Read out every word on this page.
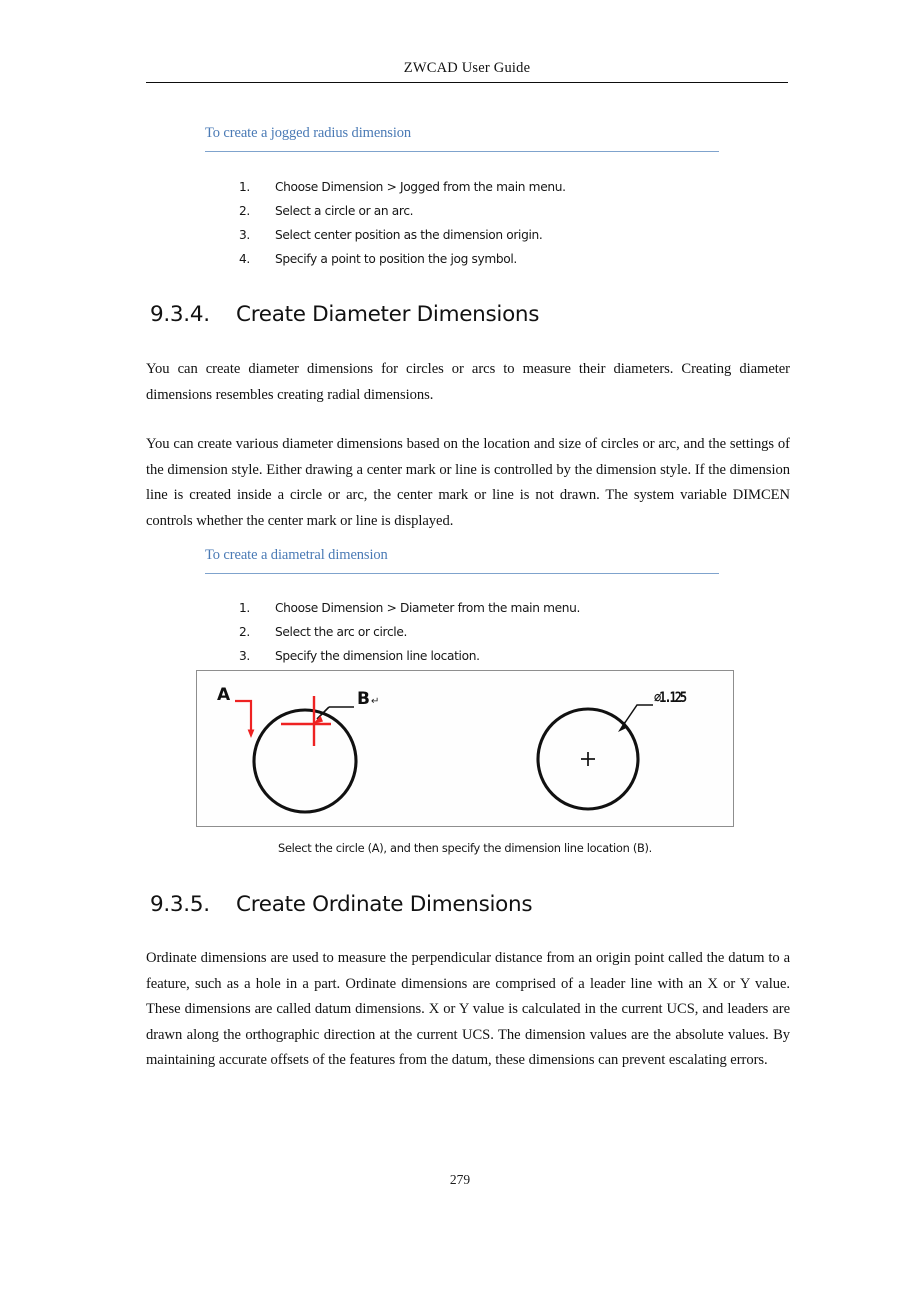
ZWCAD User Guide
To create a jogged radius dimension
1.	Choose Dimension > Jogged from the main menu.
2.	Select a circle or an arc.
3.	Select center position as the dimension origin.
4.	Specify a point to position the jog symbol.
9.3.4.	Create Diameter Dimensions

You can create diameter dimensions for circles or arcs to measure their diameters. Creating diameter dimensions resembles creating radial dimensions.

You can create various diameter dimensions based on the location and size of circles or arc, and the settings of the dimension style. Either drawing a center mark or line is controlled by the dimension style. If the dimension line is created inside a circle or arc, the center mark or line is not drawn. The system variable DIMCEN controls whether the center mark or line is displayed.

To create a diametral dimension
1.	Choose Dimension > Diameter from the main menu.
2.	Select the arc or circle.
3.	Specify the dimension line location.
A	B ↵	⌀1.125
Select the circle (A), and then specify the dimension line location (B).
9.3.5.	Create Ordinate Dimensions

Ordinate dimensions are used to measure the perpendicular distance from an origin point called the datum to a feature, such as a hole in a part. Ordinate dimensions are comprised of a leader line with an X or Y value. These dimensions are called datum dimensions. X or Y value is calculated in the current UCS, and leaders are drawn along the orthographic direction at the current UCS. The dimension values are the absolute values. By maintaining accurate offsets of the features from the datum, these dimensions can prevent escalating errors.

279
